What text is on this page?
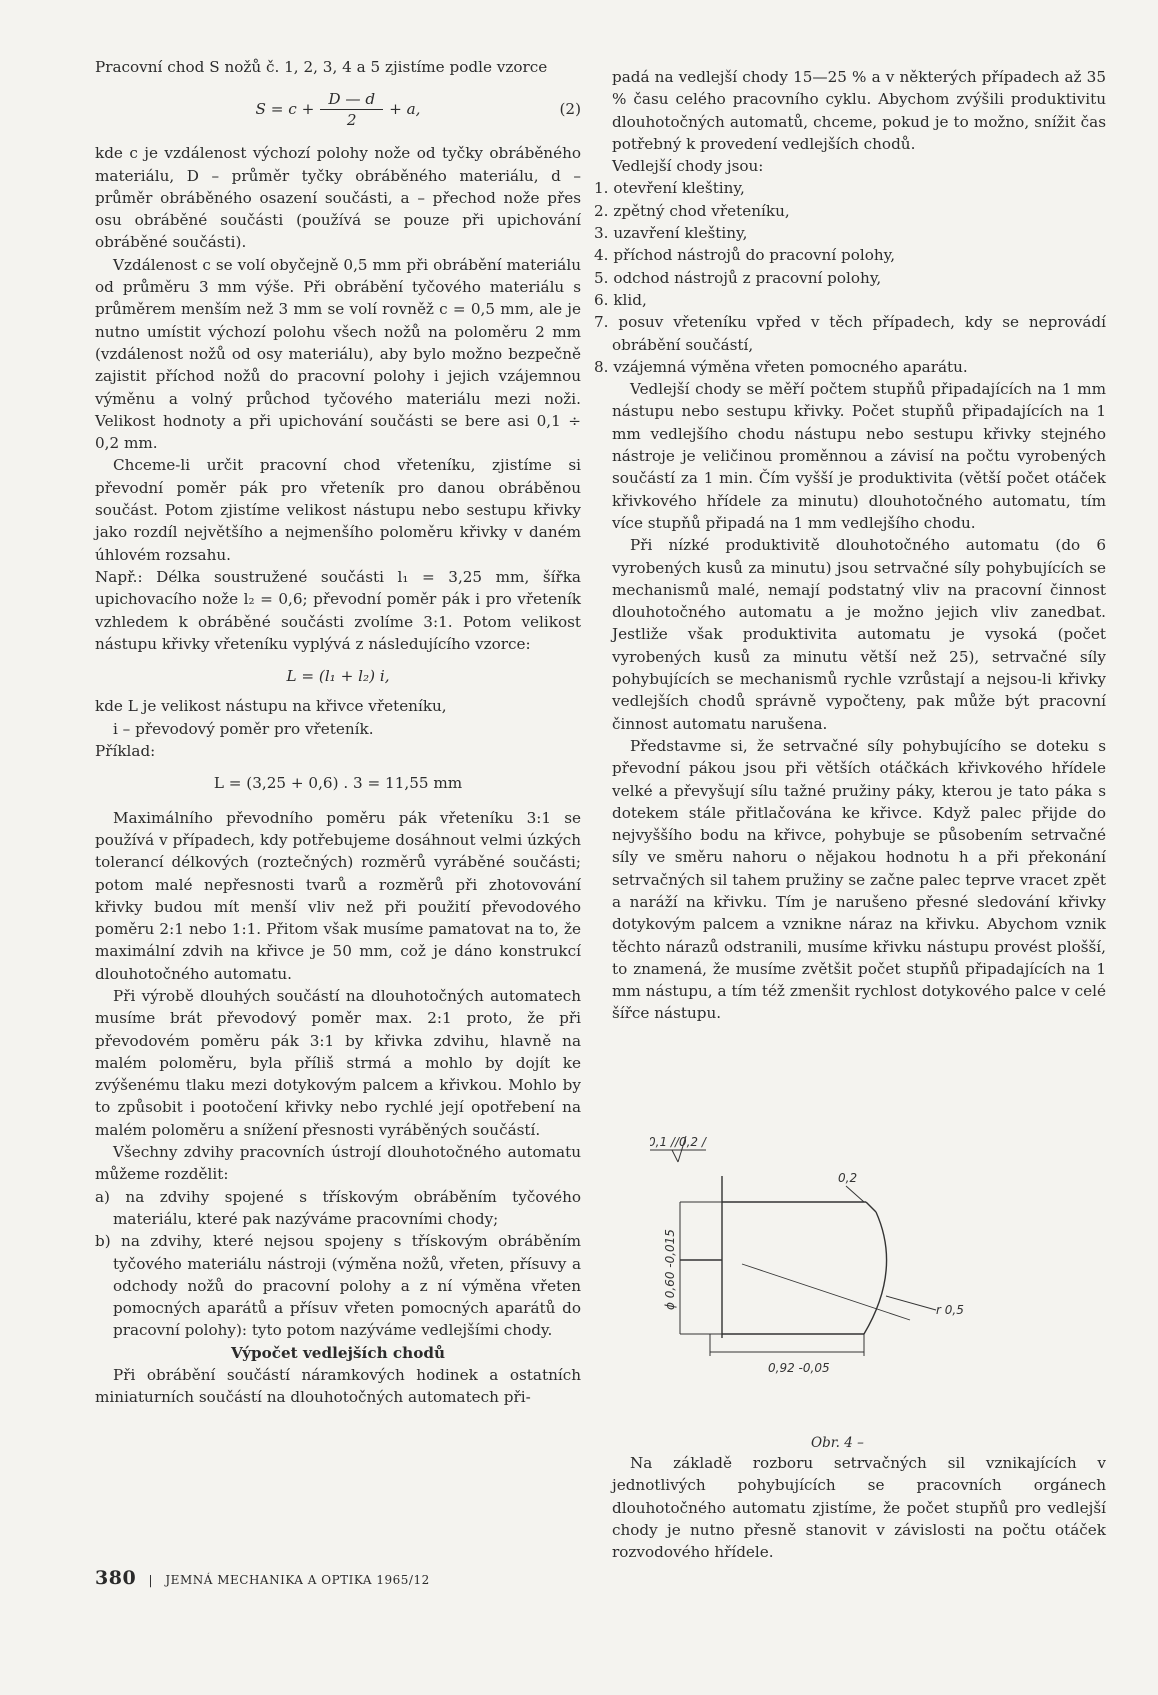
Pracovní chod S nožů č. 1, 2, 3, 4 a 5 zjistíme podle vzorce

$S = c + \frac{D — d}{2} + a$,	(2)

kde c je vzdálenost výchozí polohy nože od tyčky obráběného materiálu, D – průměr tyčky obráběného materiálu, d – průměr obráběného osazení součásti, a – přechod nože přes osu obráběné součásti (používá se pouze při upichování obráběné součásti).

Vzdálenost c se volí obyčejně 0,5 mm při obrábění materiálu od průměru 3 mm výše. Při obrábění tyčového materiálu s průměrem menším než 3 mm se volí rovněž c = 0,5 mm, ale je nutno umístit výchozí polohu všech nožů na poloměru 2 mm (vzdálenost nožů od osy materiálu), aby bylo možno bezpečně zajistit příchod nožů do pracovní polohy i jejich vzájemnou výměnu a volný průchod tyčového materiálu mezi noži. Velikost hodnoty a při upichování součásti se bere asi 0,1 ÷ 0,2 mm.

Chceme-li určit pracovní chod vřeteníku, zjistíme si převodní poměr pák pro vřeteník pro danou obráběnou součást. Potom zjistíme velikost nástupu nebo sestupu křivky jako rozdíl největšího a nejmenšího poloměru křivky v daném úhlovém rozsahu.

Např.: Délka soustružené součásti l₁ = 3,25 mm, šířka upichovacího nože l₂ = 0,6; převodní poměr pák i pro vřeteník vzhledem k obráběné součásti zvolíme 3:1. Potom velikost nástupu křivky vřeteníku vyplývá z následujícího vzorce:

L = (l₁ + l₂) i,

kde L je velikost nástupu na křivce vřeteníku,

i – převodový poměr pro vřeteník.

Příklad:

L = (3,25 + 0,6) . 3 = 11,55 mm

Maximálního převodního poměru pák vřeteníku 3:1 se používá v případech, kdy potřebujeme dosáhnout velmi úzkých tolerancí délkových (roztečných) rozměrů vyráběné součásti; potom malé nepřesnosti tvarů a rozměrů při zhotovování křivky budou mít menší vliv než při použití převodového poměru 2:1 nebo 1:1. Přitom však musíme pamatovat na to, že maximální zdvih na křivce je 50 mm, což je dáno konstrukcí dlouhotočného automatu.

Při výrobě dlouhých součástí na dlouhotočných automatech musíme brát převodový poměr max. 2:1 proto, že při převodovém poměru pák 3:1 by křivka zdvihu, hlavně na malém poloměru, byla příliš strmá a mohlo by dojít ke zvýšenému tlaku mezi dotykovým palcem a křivkou. Mohlo by to způsobit i pootočení křivky nebo rychlé její opotřebení na malém poloměru a snížení přesnosti vyráběných součástí.

Všechny zdvihy pracovních ústrojí dlouhotočného automatu můžeme rozdělit:

a) na zdvihy spojené s třískovým obráběním tyčového materiálu, které pak nazýváme pracovními chody;

b) na zdvihy, které nejsou spojeny s třískovým obráběním tyčového materiálu nástroji (výměna nožů, vřeten, přísuvy a odchody nožů do pracovní polohy a z ní výměna vřeten pomocných aparátů a přísuv vřeten pomocných aparátů do pracovní polohy): tyto potom nazýváme vedlejšími chody.

Výpočet vedlejších chodů

Při obrábění součástí náramkových hodinek a ostatních miniaturních součástí na dlouhotočných automatech při-

padá na vedlejší chody 15—25 % a v některých případech až 35 % času celého pracovního cyklu. Abychom zvýšili produktivitu dlouhotočných automatů, chceme, pokud je to možno, snížit čas potřebný k provedení vedlejších chodů.

Vedlejší chody jsou:

1. otevření kleštiny,

2. zpětný chod vřeteníku,

3. uzavření kleštiny,

4. příchod nástrojů do pracovní polohy,

5. odchod nástrojů z pracovní polohy,

6. klid,

7. posuv vřeteníku vpřed v těch případech, kdy se neprovádí obrábění součástí,

8. vzájemná výměna vřeten pomocného aparátu.

Vedlejší chody se měří počtem stupňů připadajících na 1 mm nástupu nebo sestupu křivky. Počet stupňů připadajících na 1 mm vedlejšího chodu nástupu nebo sestupu křivky stejného nástroje je veličinou proměnnou a závisí na počtu vyrobených součástí za 1 min. Čím vyšší je produktivita (větší počet otáček křivkového hřídele za minutu) dlouhotočného automatu, tím více stupňů připadá na 1 mm vedlejšího chodu.

Při nízké produktivitě dlouhotočného automatu (do 6 vyrobených kusů za minutu) jsou setrvačné síly pohybujících se mechanismů malé, nemají podstatný vliv na pracovní činnost dlouhotočného automatu a je možno jejich vliv zanedbat. Jestliže však produktivita automatu je vysoká (počet vyrobených kusů za minutu větší než 25), setrvačné síly pohybujících se mechanismů rychle vzrůstají a nejsou-li křivky vedlejších chodů správně vypočteny, pak může být pracovní činnost automatu narušena.

Představme si, že setrvačné síly pohybujícího se doteku s převodní pákou jsou při větších otáčkách křivkového hřídele velké a převyšují sílu tažné pružiny páky, kterou je tato páka s dotekem stále přitlačována ke křivce. Když palec přijde do nejvyššího bodu na křivce, pohybuje se působením setrvačné síly ve směru nahoru o nějakou hodnotu h a při překonání setrvačných sil tahem pružiny se začne palec teprve vracet zpět a naráží na křivku. Tím je narušeno přesné sledování křivky dotykovým palcem a vznikne náraz na křivku. Abychom vznik těchto nárazů odstranili, musíme křivku nástupu provést plošší, to znamená, že musíme zvětšit počet stupňů připadajících na 1 mm nástupu, a tím též zmenšit rychlost dotykového palce v celé šířce nástupu.

0,1 //0,2 /
0,2
ϕ 0,60 -0,015	r 0,5
0,92 -0,05
Obr. 4 –

Na základě rozboru setrvačných sil vznikajících v jednotlivých pohybujících se pracovních orgánech dlouhotočného automatu zjistíme, že počet stupňů pro vedlejší chody je nutno přesně stanovit v závislosti na počtu otáček rozvodového hřídele.

380 | JEMNÁ MECHANIKA A OPTIKA 1965/12
